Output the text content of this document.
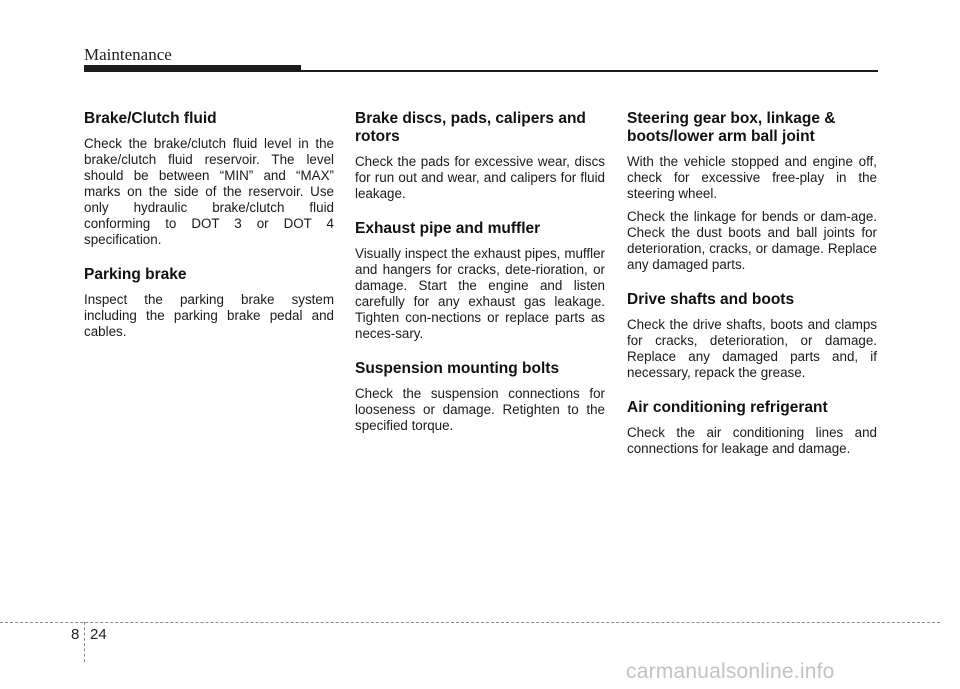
Maintenance
Brake/Clutch fluid

Check the brake/clutch fluid level in the brake/clutch fluid reservoir. The level should be between “MIN” and “MAX” marks on the side of the reservoir. Use only hydraulic brake/clutch fluid conforming to DOT 3 or DOT 4 specification.

Parking brake

Inspect the parking brake system including the parking brake pedal and cables.

Brake discs, pads, calipers and rotors

Check the pads for excessive wear, discs for run out and wear, and calipers for fluid leakage.

Exhaust pipe and muffler

Visually inspect the exhaust pipes, muffler and hangers for cracks, dete-rioration, or damage. Start the engine and listen carefully for any exhaust gas leakage. Tighten con-nections or replace parts as neces-sary.

Suspension mounting bolts

Check the suspension connections for looseness or damage. Retighten to the specified torque.

Steering gear box, linkage & boots/lower arm ball joint

With the vehicle stopped and engine off, check for excessive free-play in the steering wheel.

Check the linkage for bends or dam-age. Check the dust boots and ball joints for deterioration, cracks, or damage. Replace any damaged parts.

Drive shafts and boots

Check the drive shafts, boots and clamps for cracks, deterioration, or damage. Replace any damaged parts and, if necessary, repack the grease.

Air conditioning refrigerant

Check the air conditioning lines and connections for leakage and damage.

8 24
carmanualsonline.info
